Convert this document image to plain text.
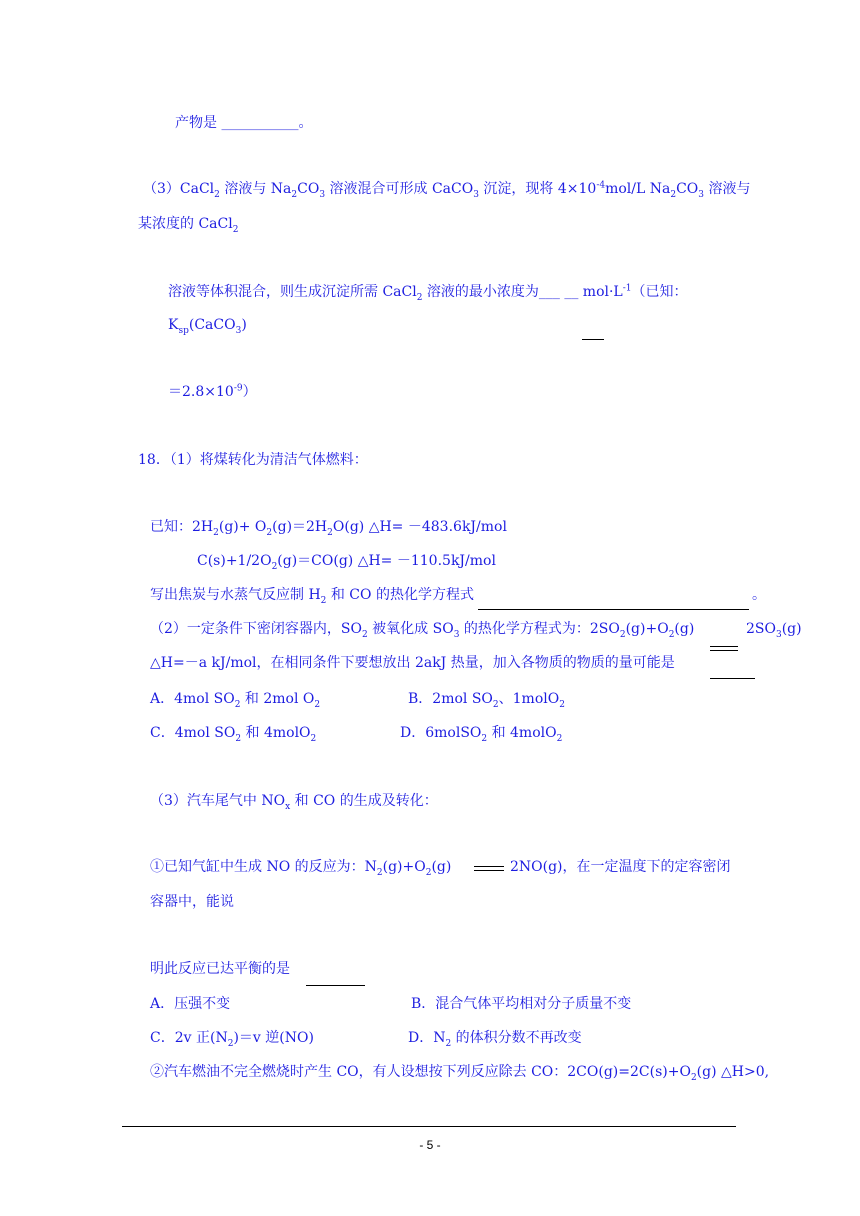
产物是 ___________。
（3）CaCl$_2$ 溶液与 $Na_2CO_3$ 溶液混合可形成 CaCO$_3$ 沉淀，现将 $4\times 10^{-4}mol/L$ $Na_2CO_3$ 溶液与
某浓度的 CaCl$_2$
溶液等体积混合，则生成沉淀所需 CaCl$_2$ 溶液的最小浓度为___ __ $mol\cdot L^{-1}$（已知：
$K_{sp}(CaCO_3)$
$=2.8\times 10^{-9}$）
18．（1）将煤转化为清洁气体燃料：
已知：$2H_2(g)+ O_2(g)=2H_2O(g)$ △H= －483.6kJ/mol
$C(s)+1/2O_2(g)=CO(g)$ △H= －110.5kJ/mol
写出焦炭与水蒸气反应制 $H_2$ 和 CO 的热化学方程式	。
（2）一定条件下密闭容器内，$SO_2$ 被氧化成 $SO_3$ 的热化学方程式为：$2SO_2(g)+O_2(g)$	$2SO_3(g)$
△H=－a kJ/mol，在相同条件下要想放出 2akJ 热量，加入各物质的物质的量可能是
A．4mol $SO_2$ 和 2mol $O_2$	B．2mol $SO_2$、1molO$_2$
C．4mol $SO_2$ 和 4molO$_2$	D．6molSO$_2$ 和 4molO$_2$
（3）汽车尾气中 $NO_x$ 和 CO 的生成及转化：
①已知气缸中生成 NO 的反应为：$N_2(g)+O_2(g)$	2NO(g)，在一定温度下的定容密闭
容器中，能说
明此反应已达平衡的是
A．压强不变	B．混合气体平均相对分子质量不变
C．2v 正$(N_2)=v$ 逆(NO)	D．$N_2$ 的体积分数不再改变
②汽车燃油不完全燃烧时产生 CO，有人设想按下列反应除去 CO：$2CO(g)=2C(s)+O_2(g)$ △H>0,
- 5 -
